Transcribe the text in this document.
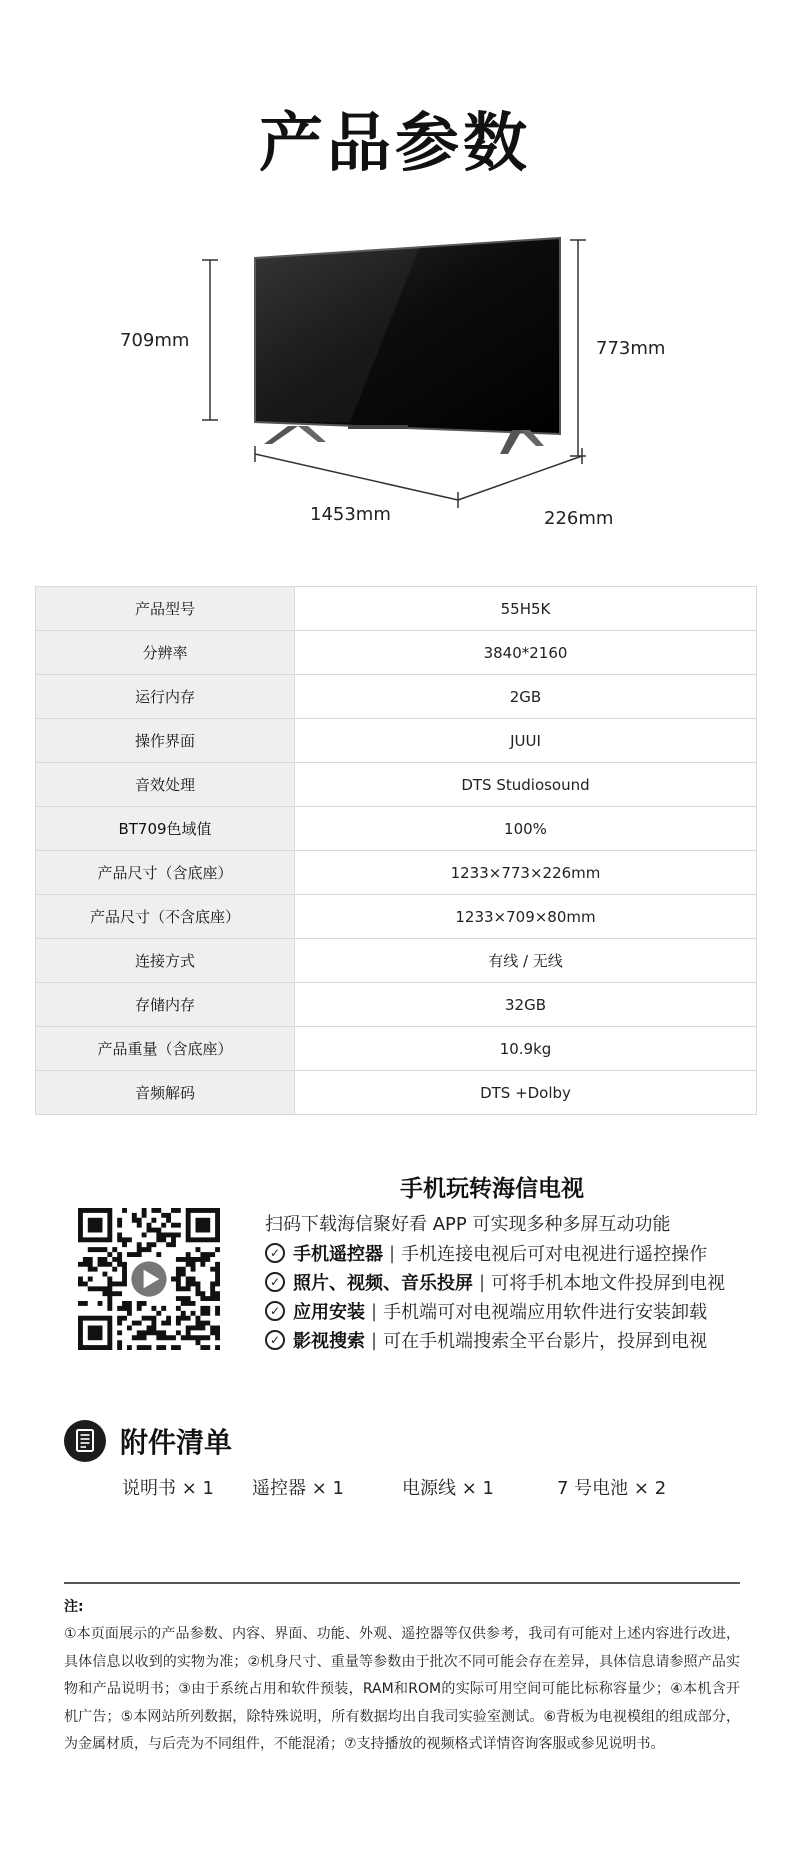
产品参数
709mm	773mm
1453mm	226mm
产品型号	55H5K
分辨率	3840*2160
运行内存	2GB
操作界面	JUUI
音效处理	DTS Studiosound
BT709色域值	100%
产品尺寸（含底座）	1233×773×226mm
产品尺寸（不含底座）	1233×709×80mm
连接方式	有线 / 无线
存储内存	32GB
产品重量（含底座）	10.9kg
音频解码	DTS +Dolby
手机玩转海信电视
扫码下载海信聚好看 APP 可实现多种多屏互动功能
✓ 手机遥控器 | 手机连接电视后可对电视进行遥控操作
✓ 照片、视频、音乐投屏 | 可将手机本地文件投屏到电视
✓ 应用安装 | 手机端可对电视端应用软件进行安装卸载
✓ 影视搜索 | 可在手机端搜索全平台影片，投屏到电视
附件清单
说明书 × 1 遥控器 × 1	电源线 × 1	7 号电池 × 2
注:
①本页面展示的产品参数、内容、界面、功能、外观、遥控器等仅供参考，我司有可能对上述内容进行改进，具体信息以收到的实物为准；②机身尺寸、重量等参数由于批次不同可能会存在差异，具体信息请参照产品实物和产品说明书；③由于系统占用和软件预装，RAM和ROM的实际可用空间可能比标称容量少；④本机含开机广告；⑤本网站所列数据，除特殊说明，所有数据均出自我司实验室测试。⑥背板为电视模组的组成部分，为金属材质，与后壳为不同组件，不能混淆；⑦支持播放的视频格式详情咨询客服或参见说明书。
